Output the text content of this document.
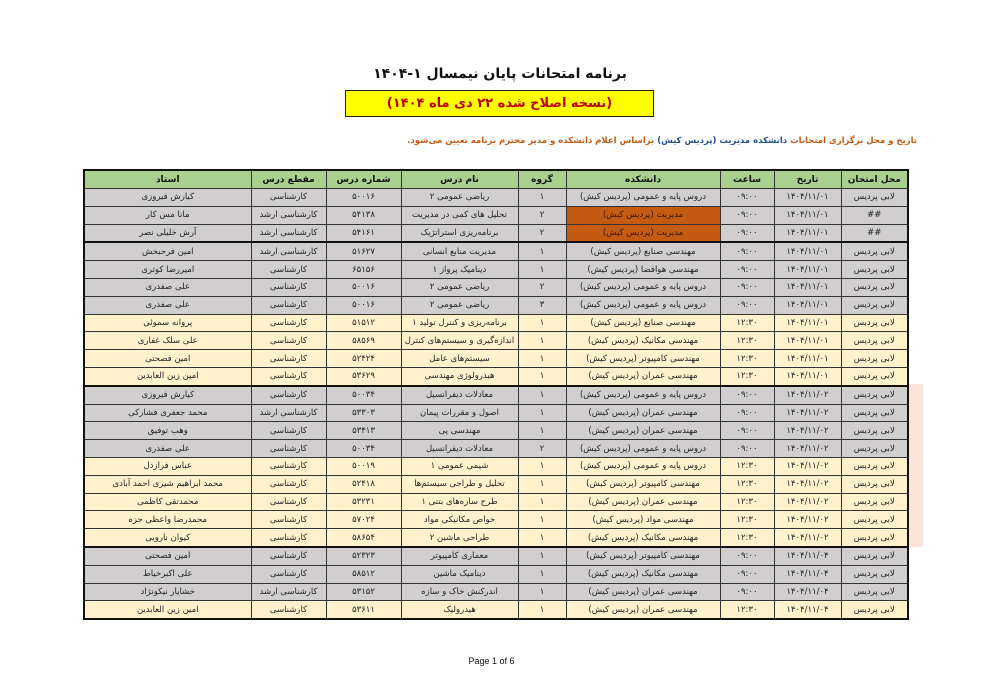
برنامه امتحانات پایان نیمسال ۱-۱۴۰۴
(نسخه اصلاح شده ۲۲ دی ماه ۱۴۰۴)
تاریخ و محل برگزاری امتحانات دانشکده مدیریت (پردیس کیش) براساس اعلام دانشکده و مدیر محترم برنامه تعیین می‌شود.
محل امتحان	تاریخ	ساعت	دانشکده	گروه	نام درس	شماره درس	مقطع درس	استاد
لابی پردیس	۱۴۰۴/۱۱/۰۱	۰۹:۰۰	دروس پایه و عمومی (پردیس کیش)	۱	ریاضی عمومی ۲	۵۰۰۱۶	کارشناسی	کیارش فیروزی
##	۱۴۰۴/۱۱/۰۱	۰۹:۰۰	مدیریت (پردیس کیش)	۲	تحلیل های کمی در مدیریت	۵۴۱۳۸	کارشناسی ارشد	مانا مس کار
##	۱۴۰۴/۱۱/۰۱	۰۹:۰۰	مدیریت (پردیس کیش)	۲	برنامه‌ریزی استراتژیک	۵۴۱۶۱	کارشناسی ارشد	آرش خلیلی نصر
لابی پردیس	۱۴۰۴/۱۱/۰۱	۰۹:۰۰	مهندسی صنایع (پردیس کیش)	۱	مدیریت منابع انسانی	۵۱۶۲۷	کارشناسی ارشد	امین فرحبخش
لابی پردیس	۱۴۰۴/۱۱/۰۱	۰۹:۰۰	مهندسی هوافضا (پردیس کیش)	۱	دینامیک پرواز ۱	۶۵۱۵۶	کارشناسی	امیررضا کوثری
لابی پردیس	۱۴۰۴/۱۱/۰۱	۰۹:۰۰	دروس پایه و عمومی (پردیس کیش)	۲	ریاضی عمومی ۲	۵۰۰۱۶	کارشناسی	علی صفدری
لابی پردیس	۱۴۰۴/۱۱/۰۱	۰۹:۰۰	دروس پایه و عمومی (پردیس کیش)	۳	ریاضی عمومی ۲	۵۰۰۱۶	کارشناسی	علی صفدری
لابی پردیس	۱۴۰۴/۱۱/۰۱	۱۲:۳۰	مهندسی صنایع (پردیس کیش)	۱	برنامه‌ریزی و کنترل تولید ۱	۵۱۵۱۲	کارشناسی	پروانه سموئی
لابی پردیس	۱۴۰۴/۱۱/۰۱	۱۲:۳۰	مهندسی مکانیک (پردیس کیش)	۱	اندازه‌گیری و سیستم‌های کنترل	۵۸۵۶۹	کارشناسی	علی سلک غفاری
لابی پردیس	۱۴۰۴/۱۱/۰۱	۱۲:۳۰	مهندسی کامپیوتر (پردیس کیش)	۱	سیستم‌های عامل	۵۲۴۲۴	کارشناسی	امین فصحتی
لابی پردیس	۱۴۰۴/۱۱/۰۱	۱۲:۳۰	مهندسی عمران (پردیس کیش)	۱	هیدرولوژی مهندسی	۵۳۶۲۹	کارشناسی	امین زین العابدین
لابی پردیس	۱۴۰۴/۱۱/۰۲	۰۹:۰۰	دروس پایه و عمومی (پردیس کیش)	۱	معادلات دیفرانسیل	۵۰۰۳۴	کارشناسی	کیارش فیروزی
لابی پردیس	۱۴۰۴/۱۱/۰۲	۰۹:۰۰	مهندسی عمران (پردیس کیش)	۱	اصول و مقررات پیمان	۵۳۳۰۳	کارشناسی ارشد	محمد جعفری فشارکی
لابی پردیس	۱۴۰۴/۱۱/۰۲	۰۹:۰۰	مهندسی عمران (پردیس کیش)	۱	مهندسی پی	۵۳۴۱۳	کارشناسی	وهب توفیق
لابی پردیس	۱۴۰۴/۱۱/۰۲	۰۹:۰۰	دروس پایه و عمومی (پردیس کیش)	۲	معادلات دیفرانسیل	۵۰۰۳۴	کارشناسی	علی صفدری
لابی پردیس	۱۴۰۴/۱۱/۰۲	۱۲:۳۰	دروس پایه و عمومی (پردیس کیش)	۱	شیمی عمومی ۱	۵۰۰۱۹	کارشناسی	عباس فرازدل
لابی پردیس	۱۴۰۴/۱۱/۰۲	۱۲:۳۰	مهندسی کامپیوتر (پردیس کیش)	۱	تحلیل و طراحی سیستم‌ها	۵۲۴۱۸	کارشناسی	محمد ابراهیم شیری احمد آبادی
لابی پردیس	۱۴۰۴/۱۱/۰۲	۱۲:۳۰	مهندسی عمران (پردیس کیش)	۱	طرح سازه‌های بتنی ۱	۵۳۲۳۱	کارشناسی	محمدتقی کاظمی
لابی پردیس	۱۴۰۴/۱۱/۰۲	۱۲:۳۰	مهندسی مواد (پردیس کیش)	۱	خواص مکانیکی مواد	۵۷۰۲۴	کارشناسی	محمدرضا واعظی جزه
لابی پردیس	۱۴۰۴/۱۱/۰۲	۱۲:۳۰	مهندسی مکانیک (پردیس کیش)	۱	طراحی ماشین ۲	۵۸۶۵۴	کارشناسی	کیوان نارویی
لابی پردیس	۱۴۰۴/۱۱/۰۴	۰۹:۰۰	مهندسی کامپیوتر (پردیس کیش)	۱	معماری کامپیوتر	۵۲۳۲۳	کارشناسی	امین فصحتی
لابی پردیس	۱۴۰۴/۱۱/۰۴	۰۹:۰۰	مهندسی مکانیک (پردیس کیش)	۱	دینامیک ماشین	۵۸۵۱۲	کارشناسی	علی اکبرخیاط
لابی پردیس	۱۴۰۴/۱۱/۰۴	۰۹:۰۰	مهندسی عمران (پردیس کیش)	۱	اندرکنش خاک و سازه	۵۳۱۵۲	کارشناسی ارشد	خشایار نیکونژاد
لابی پردیس	۱۴۰۴/۱۱/۰۴	۱۲:۳۰	مهندسی عمران (پردیس کیش)	۱	هیدرولیک	۵۳۶۱۱	کارشناسی	امین زین العابدین
Page 1 of 6
